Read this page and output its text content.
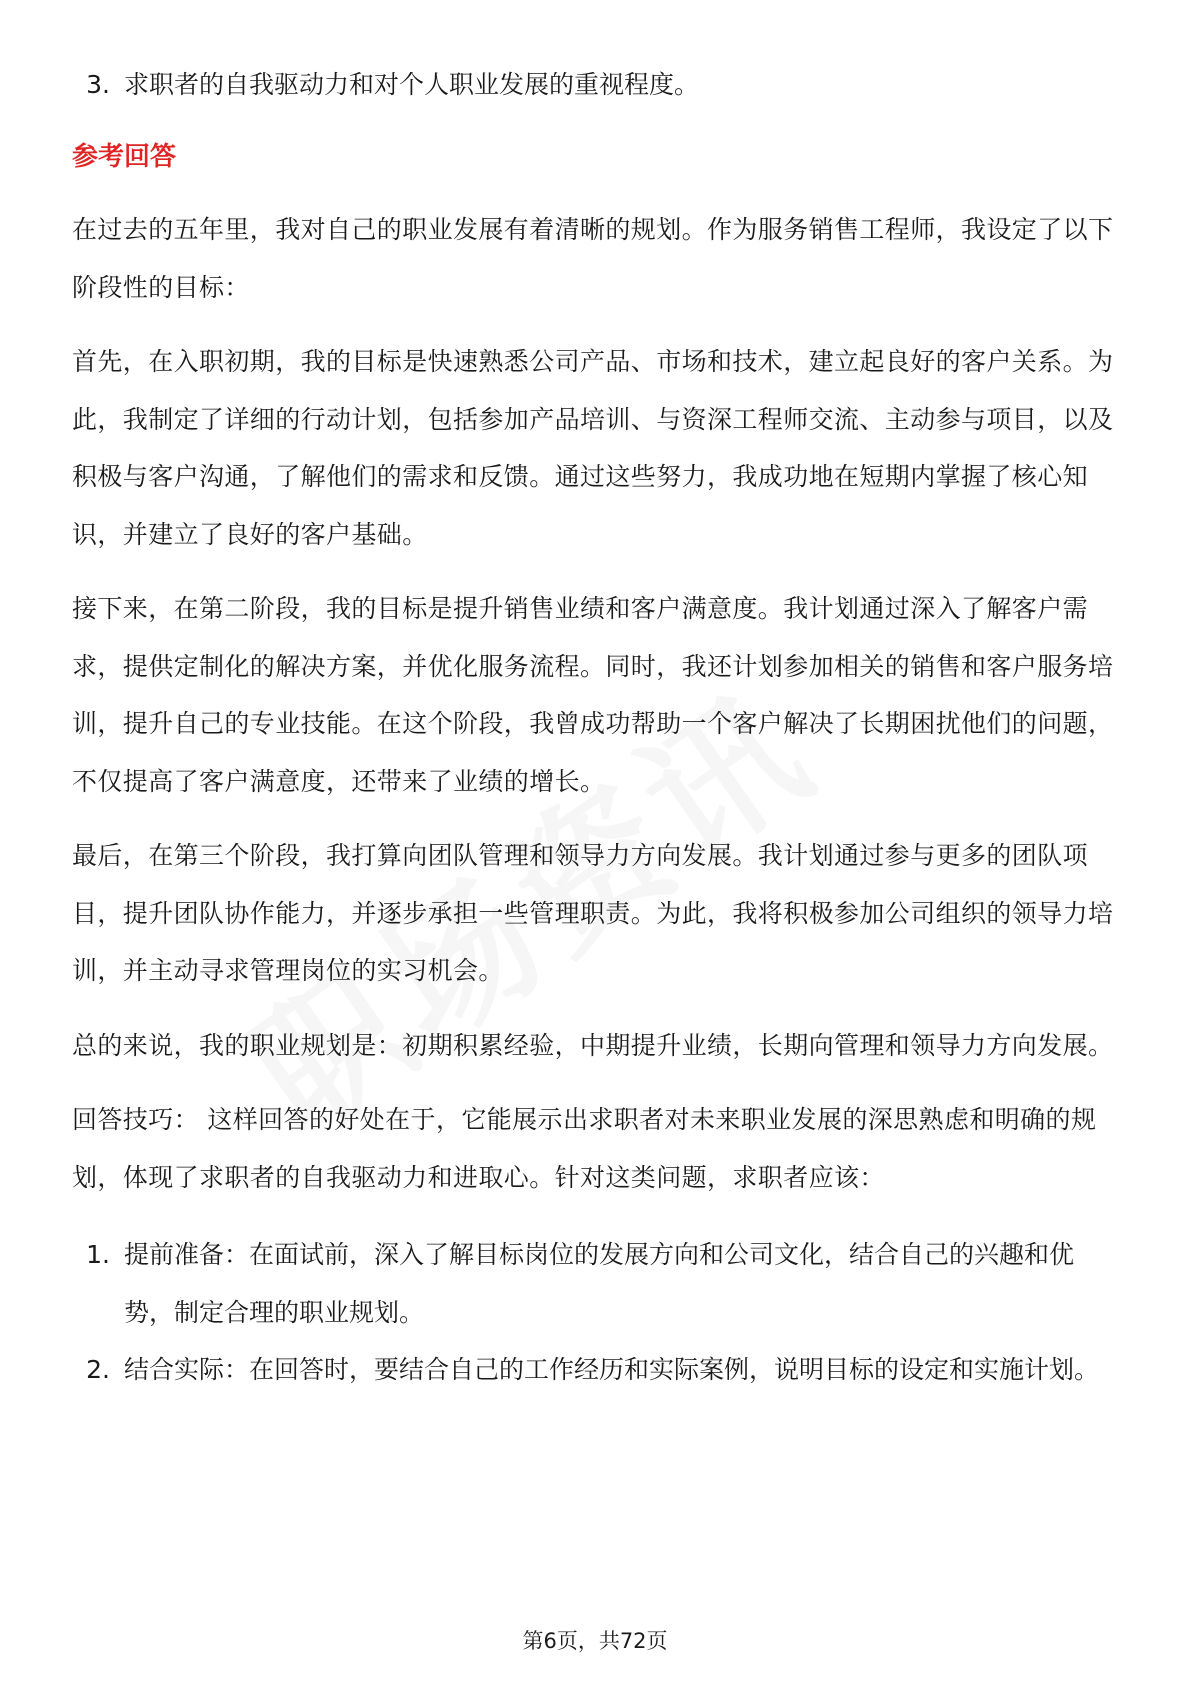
3. 求职者的自我驱动力和对个人职业发展的重视程度。
参考回答
在过去的五年里，我对自己的职业发展有着清晰的规划。作为服务销售工程师，我设定了以下阶段性的目标：
首先，在入职初期，我的目标是快速熟悉公司产品、市场和技术，建立起良好的客户关系。为此，我制定了详细的行动计划，包括参加产品培训、与资深工程师交流、主动参与项目，以及积极与客户沟通，了解他们的需求和反馈。通过这些努力，我成功地在短期内掌握了核心知识，并建立了良好的客户基础。
接下来，在第二阶段，我的目标是提升销售业绩和客户满意度。我计划通过深入了解客户需求，提供定制化的解决方案，并优化服务流程。同时，我还计划参加相关的销售和客户服务培训，提升自己的专业技能。在这个阶段，我曾成功帮助一个客户解决了长期困扰他们的问题，不仅提高了客户满意度，还带来了业绩的增长。
最后，在第三个阶段，我打算向团队管理和领导力方向发展。我计划通过参与更多的团队项目，提升团队协作能力，并逐步承担一些管理职责。为此，我将积极参加公司组织的领导力培训，并主动寻求管理岗位的实习机会。
总的来说，我的职业规划是：初期积累经验，中期提升业绩，长期向管理和领导力方向发展。
回答技巧： 这样回答的好处在于，它能展示出求职者对未来职业发展的深思熟虑和明确的规划，体现了求职者的自我驱动力和进取心。针对这类问题，求职者应该：
1. 提前准备：在面试前，深入了解目标岗位的发展方向和公司文化，结合自己的兴趣和优势，制定合理的职业规划。
2. 结合实际：在回答时，要结合自己的工作经历和实际案例，说明目标的设定和实施计划。
第6页，共72页
